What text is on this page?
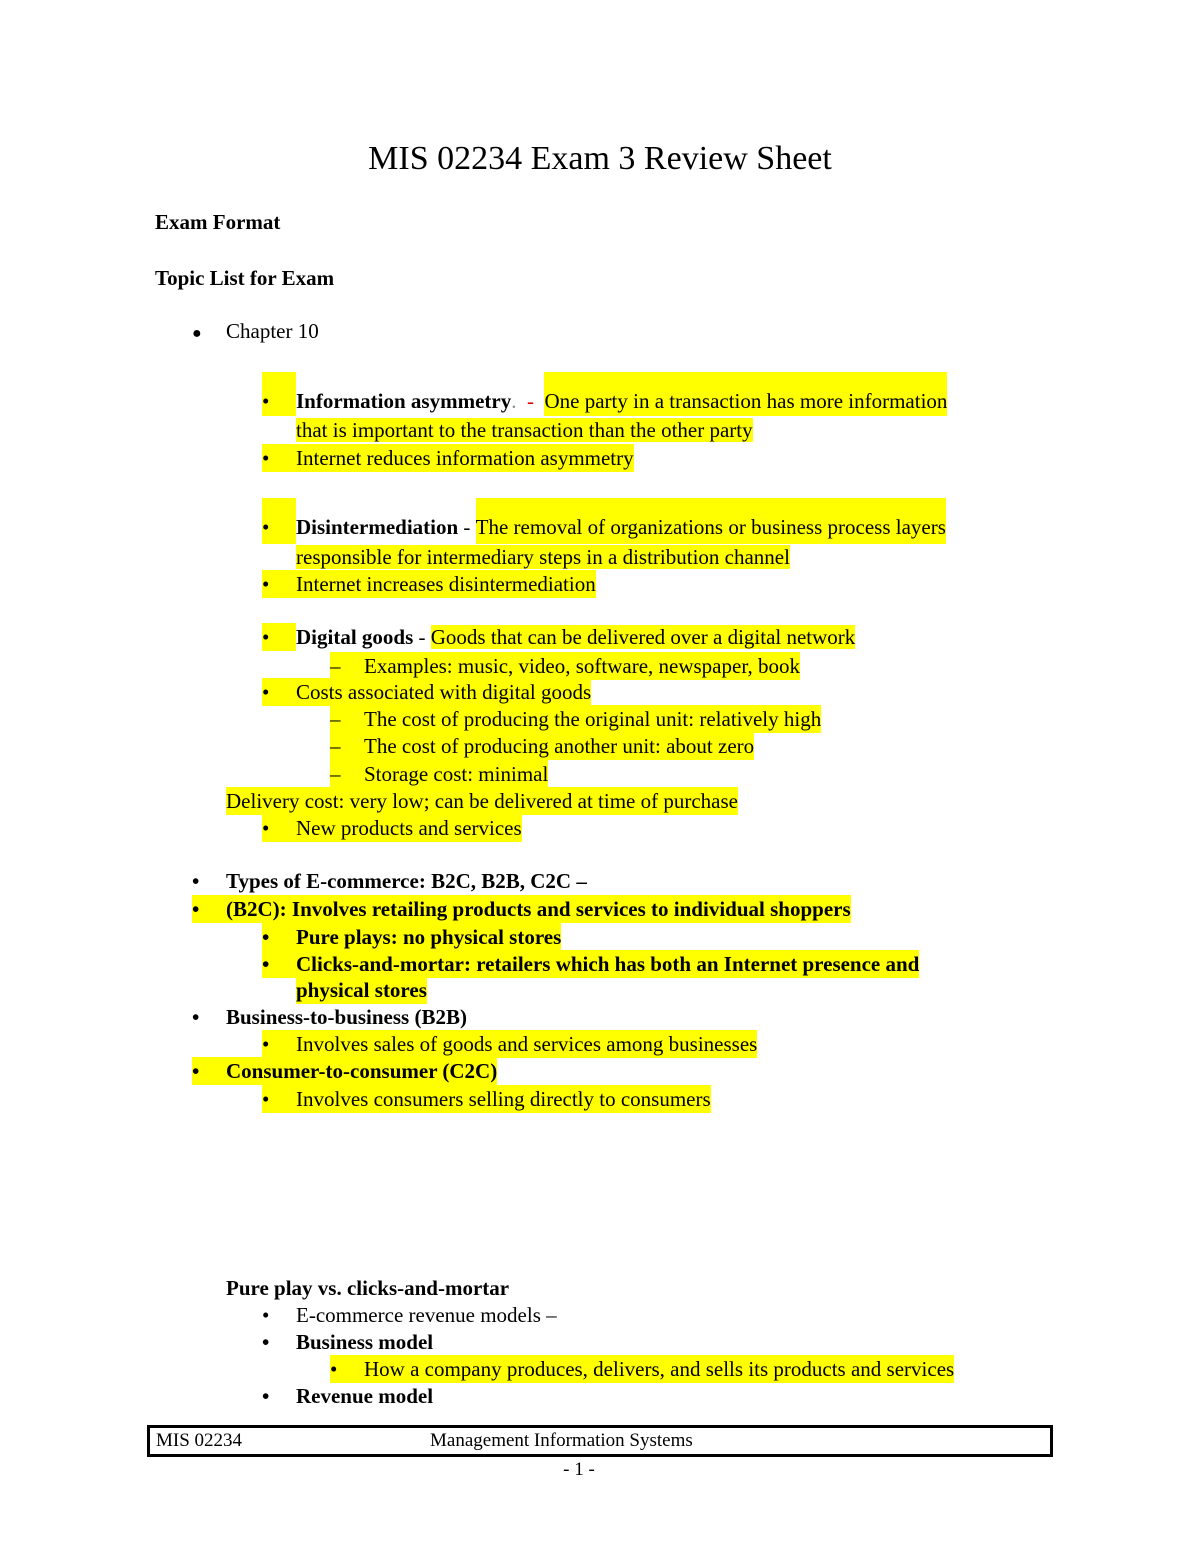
MIS 02234 Exam 3 Review Sheet
Exam Format
Topic List for Exam
● Chapter 10
• Information asymmetry. - One party in a transaction has more information
that is important to the transaction than the other party
• Internet reduces information asymmetry
• Disintermediation - The removal of organizations or business process layers
responsible for intermediary steps in a distribution channel
• Internet increases disintermediation
• Digital goods - Goods that can be delivered over a digital network
– Examples: music, video, software, newspaper, book
• Costs associated with digital goods
– The cost of producing the original unit: relatively high
– The cost of producing another unit: about zero
– Storage cost: minimal
Delivery cost: very low; can be delivered at time of purchase
• New products and services
• Types of E-commerce: B2C, B2B, C2C –
• (B2C): Involves retailing products and services to individual shoppers
• Pure plays: no physical stores
• Clicks-and-mortar: retailers which has both an Internet presence and
physical stores
• Business-to-business (B2B)
• Involves sales of goods and services among businesses
• Consumer-to-consumer (C2C)
• Involves consumers selling directly to consumers
Pure play vs. clicks-and-mortar
• E-commerce revenue models –
• Business model
• How a company produces, delivers, and sells its products and services
• Revenue model
MIS 02234	Management Information Systems
- 1 -
